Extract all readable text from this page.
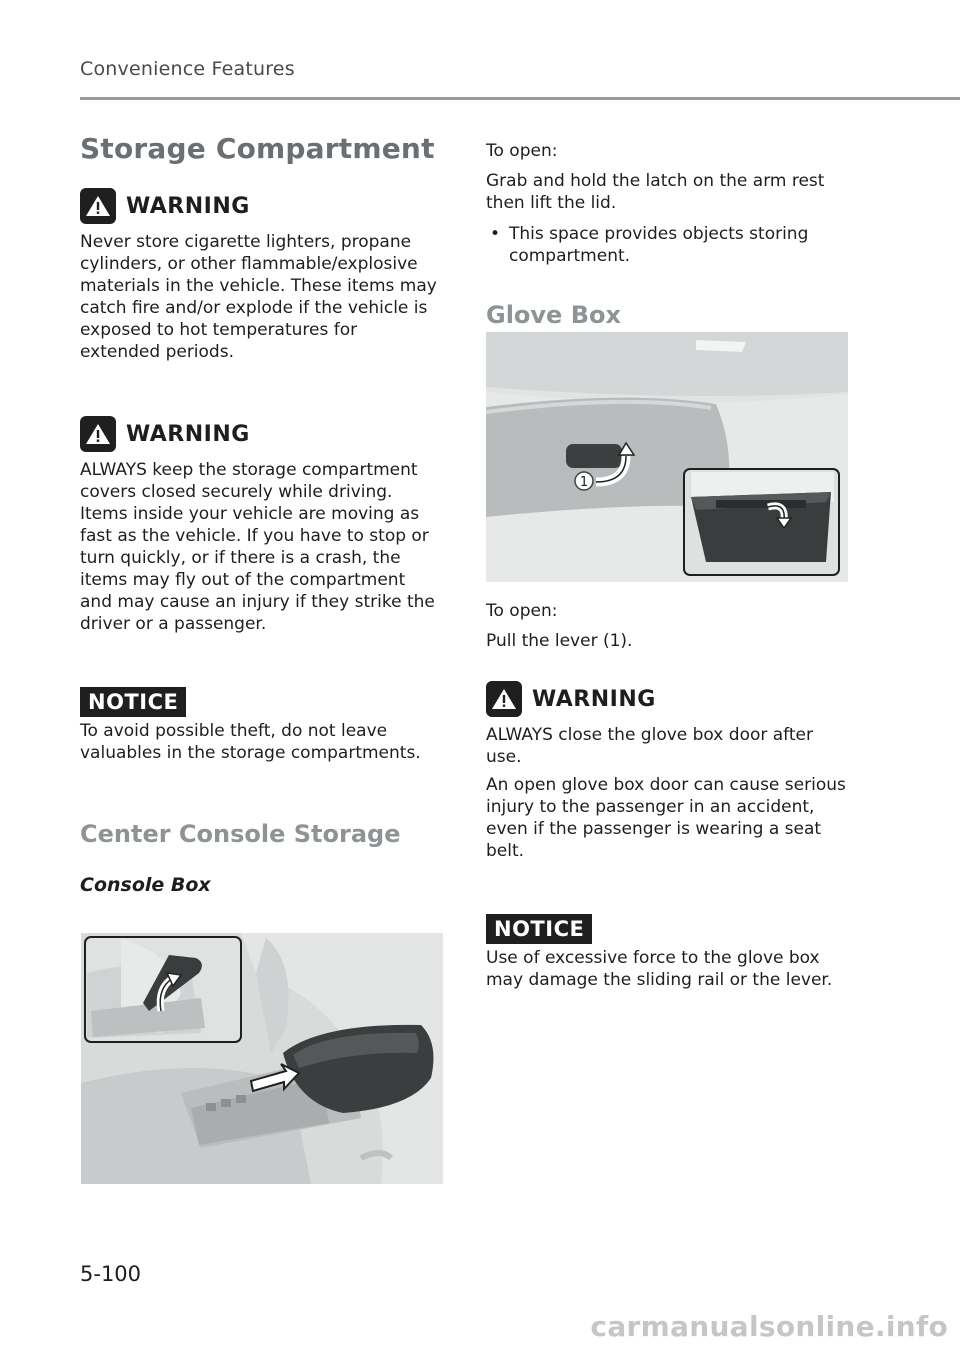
Convenience Features
Storage Compartment
WARNING

Never store cigarette lighters, propane cylinders, or other flammable/explosive materials in the vehicle. These items may catch fire and/or explode if the vehicle is exposed to hot temperatures for extended periods.

WARNING

ALWAYS keep the storage compartment covers closed securely while driving. Items inside your vehicle are moving as fast as the vehicle. If you have to stop or turn quickly, or if there is a crash, the items may fly out of the compartment and may cause an injury if they strike the driver or a passenger.

NOTICE

To avoid possible theft, do not leave valuables in the storage compartments.

Center Console Storage
Console Box

To open:

Grab and hold the latch on the arm rest then lift the lid.

• This space provides objects storing compartment.
Glove Box
1

To open:

Pull the lever (1).

WARNING

ALWAYS close the glove box door after use.

An open glove box door can cause serious injury to the passenger in an accident, even if the passenger is wearing a seat belt.

NOTICE

Use of excessive force to the glove box may damage the sliding rail or the lever.

5-100
carmanualsonline.info
